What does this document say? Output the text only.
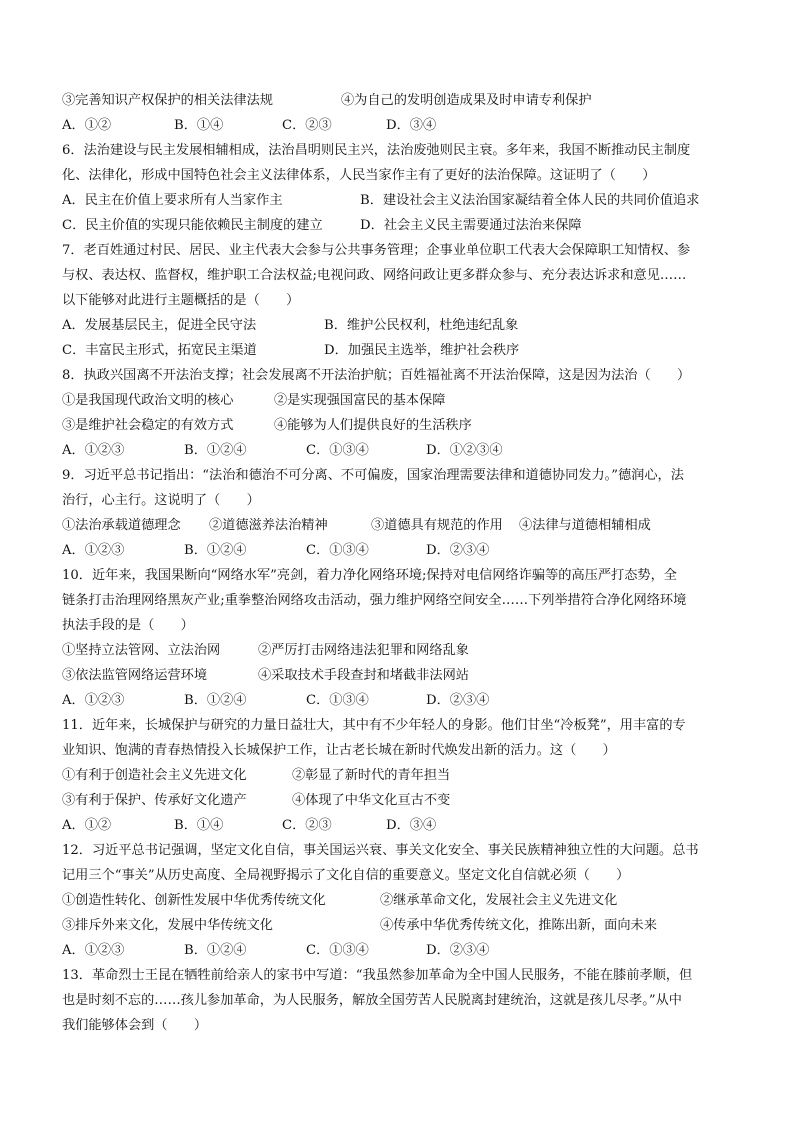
③完善知识产权保护的相关法律法规	④为自己的发明创造成果及时申请专利保护
A．①②	B．①④	C．②③	D．③④
6．法治建设与民主发展相辅相成，法治昌明则民主兴，法治废弛则民主衰。多年来，我国不断推动民主制度
化、法律化，形成中国特色社会主义法律体系，人民当家作主有了更好的法治保障。这证明了（　　）
A．民主在价值上要求所有人当家作主	B．建设社会主义法治国家凝结着全体人民的共同价值追求
C．民主价值的实现只能依赖民主制度的建立	D．社会主义民主需要通过法治来保障
7．老百姓通过村民、居民、业主代表大会参与公共事务管理；企事业单位职工代表大会保障职工知情权、参
与权、表达权、监督权，维护职工合法权益;电视问政、网络问政让更多群众参与、充分表达诉求和意见……
以下能够对此进行主题概括的是（　　）
A．发展基层民主，促进全民守法	B．维护公民权利，杜绝违纪乱象
C．丰富民主形式，拓宽民主渠道	D．加强民主选举，维护社会秩序
8．执政兴国离不开法治支撑；社会发展离不开法治护航；百姓福祉离不开法治保障，这是因为法治（　　）
①是我国现代政治文明的核心	②是实现强国富民的基本保障
③是维护社会稳定的有效方式	④能够为人们提供良好的生活秩序
A．①②③	B．①②④	C．①③④	D．①②③④
9．习近平总书记指出：“法治和德治不可分离、不可偏废，国家治理需要法律和道德协同发力。”德润心，法
治行，心主行。这说明了（　　）
①法治承载道德理念	②道德滋养法治精神	③道德具有规范的作用	④法律与道德相辅相成
A．①②③	B．①②④	C．①③④	D．②③④
10．近年来，我国果断向“网络水军”亮剑，着力净化网络环境;保持对电信网络诈骗等的高压严打态势，全
链条打击治理网络黑灰产业;重拳整治网络攻击活动，强力维护网络空间安全……下列举措符合净化网络环境
执法手段的是（　　）
①坚持立法管网、立法治网	②严厉打击网络违法犯罪和网络乱象
③依法监管网络运营环境	④采取技术手段查封和堵截非法网站
A．①②③	B．①②④	C．①③④	D．②③④
11．近年来，长城保护与研究的力量日益壮大，其中有不少年轻人的身影。他们甘坐“冷板凳”，用丰富的专
业知识、饱满的青春热情投入长城保护工作，让古老长城在新时代焕发出新的活力。这（　　）
①有利于创造社会主义先进文化	②彰显了新时代的青年担当
③有利于保护、传承好文化遗产	④体现了中华文化亘古不变
A．①②	B．①④	C．②③	D．③④
12．习近平总书记强调，坚定文化自信，事关国运兴衰、事关文化安全、事关民族精神独立性的大问题。总书
记用三个“事关”从历史高度、全局视野揭示了文化自信的重要意义。坚定文化自信就必须（　　）
①创造性转化、创新性发展中华优秀传统文化	②继承革命文化，发展社会主义先进文化
③排斥外来文化，发展中华传统文化	④传承中华优秀传统文化，推陈出新，面向未来
A．①②③	B．①②④	C．①③④	D．②③④
13．革命烈士王昆在牺牲前给亲人的家书中写道：“我虽然参加革命为全中国人民服务，不能在膝前孝顺，但
也是时刻不忘的……孩儿参加革命，为人民服务，解放全国劳苦人民脱离封建统治，这就是孩儿尽孝。”从中
我们能够体会到（　　）
